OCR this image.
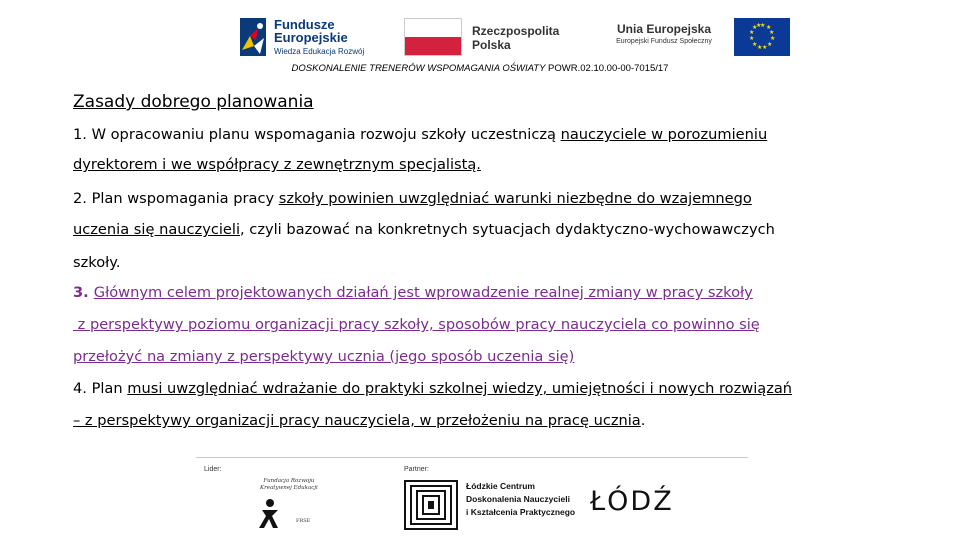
Fundusze
Europejskie
Wiedza Edukacja Rozwój
Rzeczpospolita
Polska
Unia Europejska
Europejski Fundusz Społeczny
★ ★
★
★
★
★
★
★
★
★
★
★
DOSKONALENIE TRENERÓW WSPOMAGANIA OŚWIATY POWR.02.10.00-00-7015/17
Zasady dobrego planowania
1. W opracowaniu planu wspomagania rozwoju szkoły uczestniczą nauczyciele w porozumieniu
dyrektorem i we współpracy z zewnętrznym specjalistą.
2. Plan wspomagania pracy szkoły powinien uwzględniać warunki niezbędne do wzajemnego
uczenia się nauczycieli, czyli bazować na konkretnych sytuacjach dydaktyczno-wychowawczych
szkoły.
3. Głównym celem projektowanych działań jest wprowadzenie realnej zmiany w pracy szkoły
z perspektywy poziomu organizacji pracy szkoły, sposobów pracy nauczyciela co powinno się
przełożyć na zmiany z perspektywy ucznia (jego sposób uczenia się)
4. Plan musi uwzględniać wdrażanie do praktyki szkolnej wiedzy, umiejętności i nowych rozwiązań
– z perspektywy organizacji pracy nauczyciela, w przełożeniu na pracę ucznia.
Lider:	Partner:
Fundacja Rozwoju
Kreatywnej Edukacji
FRSE
Łódzkie Centrum
Doskonalenia Nauczycieli
i Kształcenia Praktycznego ŁÓDŹ
